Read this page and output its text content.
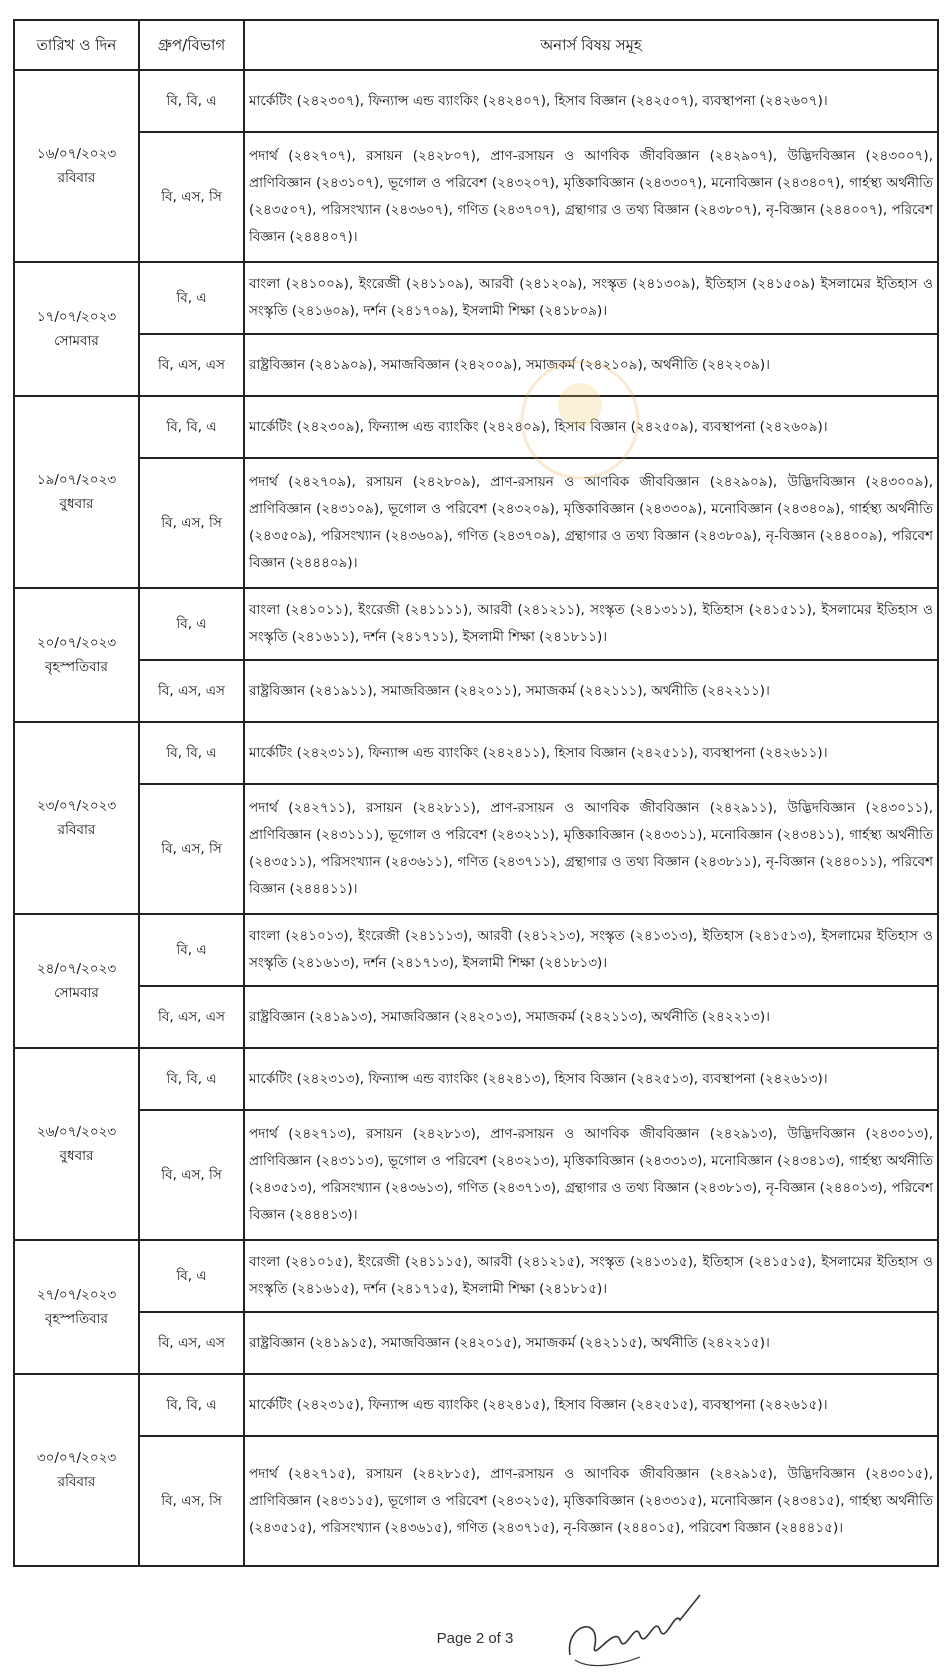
তারিখ ও দিন	গ্রুপ/বিভাগ	অনার্স বিষয় সমূহ

১৬/০৭/২০২৩
রবিবার	বি, বি, এ	মার্কেটিং (২৪২৩০৭), ফিন্যান্স এন্ড ব্যাংকিং (২৪২৪০৭), হিসাব বিজ্ঞান (২৪২৫০৭), ব্যবস্থাপনা (২৪২৬০৭)।
	বি, এস, সি	পদার্থ (২৪২৭০৭), রসায়ন (২৪২৮০৭), প্রাণ-রসায়ন ও আণবিক জীববিজ্ঞান (২৪২৯০৭), উদ্ভিদবিজ্ঞান (২৪৩০০৭), প্রাণিবিজ্ঞান (২৪৩১০৭), ভূগোল ও পরিবেশ (২৪৩২০৭), মৃত্তিকাবিজ্ঞান (২৪৩৩০৭), মনোবিজ্ঞান (২৪৩৪০৭), গার্হস্থ্য অর্থনীতি (২৪৩৫০৭), পরিসংখ্যান (২৪৩৬০৭), গণিত (২৪৩৭০৭), গ্রন্থাগার ও তথ্য বিজ্ঞান (২৪৩৮০৭), নৃ-বিজ্ঞান (২৪৪০০৭), পরিবেশ বিজ্ঞান (২৪৪৪০৭)।

১৭/০৭/২০২৩
সোমবার	বি, এ	বাংলা (২৪১০০৯), ইংরেজী (২৪১১০৯), আরবী (২৪১২০৯), সংস্কৃত (২৪১৩০৯), ইতিহাস (২৪১৫০৯) ইসলামের ইতিহাস ও সংস্কৃতি (২৪১৬০৯), দর্শন (২৪১৭০৯), ইসলামী শিক্ষা (২৪১৮০৯)।
	বি, এস, এস	রাষ্ট্রবিজ্ঞান (২৪১৯০৯), সমাজবিজ্ঞান (২৪২০০৯), সমাজকর্ম (২৪২১০৯), অর্থনীতি (২৪২২০৯)।

১৯/০৭/২০২৩
বুধবার	বি, বি, এ	মার্কেটিং (২৪২৩০৯), ফিন্যান্স এন্ড ব্যাংকিং (২৪২৪০৯), হিসাব বিজ্ঞান (২৪২৫০৯), ব্যবস্থাপনা (২৪২৬০৯)।
	বি, এস, সি	পদার্থ (২৪২৭০৯), রসায়ন (২৪২৮০৯), প্রাণ-রসায়ন ও আণবিক জীববিজ্ঞান (২৪২৯০৯), উদ্ভিদবিজ্ঞান (২৪৩০০৯), প্রাণিবিজ্ঞান (২৪৩১০৯), ভূগোল ও পরিবেশ (২৪৩২০৯), মৃত্তিকাবিজ্ঞান (২৪৩৩০৯), মনোবিজ্ঞান (২৪৩৪০৯), গার্হস্থ্য অর্থনীতি (২৪৩৫০৯), পরিসংখ্যান (২৪৩৬০৯), গণিত (২৪৩৭০৯), গ্রন্থাগার ও তথ্য বিজ্ঞান (২৪৩৮০৯), নৃ-বিজ্ঞান (২৪৪০০৯), পরিবেশ বিজ্ঞান (২৪৪৪০৯)।

২০/০৭/২০২৩
বৃহস্পতিবার	বি, এ	বাংলা (২৪১০১১), ইংরেজী (২৪১১১১), আরবী (২৪১২১১), সংস্কৃত (২৪১৩১১), ইতিহাস (২৪১৫১১), ইসলামের ইতিহাস ও সংস্কৃতি (২৪১৬১১), দর্শন (২৪১৭১১), ইসলামী শিক্ষা (২৪১৮১১)।
	বি, এস, এস	রাষ্ট্রবিজ্ঞান (২৪১৯১১), সমাজবিজ্ঞান (২৪২০১১), সমাজকর্ম (২৪২১১১), অর্থনীতি (২৪২২১১)।

২৩/০৭/২০২৩
রবিবার	বি, বি, এ	মার্কেটিং (২৪২৩১১), ফিন্যান্স এন্ড ব্যাংকিং (২৪২৪১১), হিসাব বিজ্ঞান (২৪২৫১১), ব্যবস্থাপনা (২৪২৬১১)।
	বি, এস, সি	পদার্থ (২৪২৭১১), রসায়ন (২৪২৮১১), প্রাণ-রসায়ন ও আণবিক জীববিজ্ঞান (২৪২৯১১), উদ্ভিদবিজ্ঞান (২৪৩০১১), প্রাণিবিজ্ঞান (২৪৩১১১), ভূগোল ও পরিবেশ (২৪৩২১১), মৃত্তিকাবিজ্ঞান (২৪৩৩১১), মনোবিজ্ঞান (২৪৩৪১১), গার্হস্থ্য অর্থনীতি (২৪৩৫১১), পরিসংখ্যান (২৪৩৬১১), গণিত (২৪৩৭১১), গ্রন্থাগার ও তথ্য বিজ্ঞান (২৪৩৮১১), নৃ-বিজ্ঞান (২৪৪০১১), পরিবেশ বিজ্ঞান (২৪৪৪১১)।

২৪/০৭/২০২৩
সোমবার	বি, এ	বাংলা (২৪১০১৩), ইংরেজী (২৪১১১৩), আরবী (২৪১২১৩), সংস্কৃত (২৪১৩১৩), ইতিহাস (২৪১৫১৩), ইসলামের ইতিহাস ও সংস্কৃতি (২৪১৬১৩), দর্শন (২৪১৭১৩), ইসলামী শিক্ষা (২৪১৮১৩)।
	বি, এস, এস	রাষ্ট্রবিজ্ঞান (২৪১৯১৩), সমাজবিজ্ঞান (২৪২০১৩), সমাজকর্ম (২৪২১১৩), অর্থনীতি (২৪২২১৩)।

২৬/০৭/২০২৩
বুধবার	বি, বি, এ	মার্কেটিং (২৪২৩১৩), ফিন্যান্স এন্ড ব্যাংকিং (২৪২৪১৩), হিসাব বিজ্ঞান (২৪২৫১৩), ব্যবস্থাপনা (২৪২৬১৩)।
	বি, এস, সি	পদার্থ (২৪২৭১৩), রসায়ন (২৪২৮১৩), প্রাণ-রসায়ন ও আণবিক জীববিজ্ঞান (২৪২৯১৩), উদ্ভিদবিজ্ঞান (২৪৩০১৩), প্রাণিবিজ্ঞান (২৪৩১১৩), ভূগোল ও পরিবেশ (২৪৩২১৩), মৃত্তিকাবিজ্ঞান (২৪৩৩১৩), মনোবিজ্ঞান (২৪৩৪১৩), গার্হস্থ্য অর্থনীতি (২৪৩৫১৩), পরিসংখ্যান (২৪৩৬১৩), গণিত (২৪৩৭১৩), গ্রন্থাগার ও তথ্য বিজ্ঞান (২৪৩৮১৩), নৃ-বিজ্ঞান (২৪৪০১৩), পরিবেশ বিজ্ঞান (২৪৪৪১৩)।

২৭/০৭/২০২৩
বৃহস্পতিবার	বি, এ	বাংলা (২৪১০১৫), ইংরেজী (২৪১১১৫), আরবী (২৪১২১৫), সংস্কৃত (২৪১৩১৫), ইতিহাস (২৪১৫১৫), ইসলামের ইতিহাস ও সংস্কৃতি (২৪১৬১৫), দর্শন (২৪১৭১৫), ইসলামী শিক্ষা (২৪১৮১৫)।
	বি, এস, এস	রাষ্ট্রবিজ্ঞান (২৪১৯১৫), সমাজবিজ্ঞান (২৪২০১৫), সমাজকর্ম (২৪২১১৫), অর্থনীতি (২৪২২১৫)।

৩০/০৭/২০২৩
রবিবার	বি, বি, এ	মার্কেটিং (২৪২৩১৫), ফিন্যান্স এন্ড ব্যাংকিং (২৪২৪১৫), হিসাব বিজ্ঞান (২৪২৫১৫), ব্যবস্থাপনা (২৪২৬১৫)।
	বি, এস, সি	পদার্থ (২৪২৭১৫), রসায়ন (২৪২৮১৫), প্রাণ-রসায়ন ও আণবিক জীববিজ্ঞান (২৪২৯১৫), উদ্ভিদবিজ্ঞান (২৪৩০১৫), প্রাণিবিজ্ঞান (২৪৩১১৫), ভূগোল ও পরিবেশ (২৪৩২১৫), মৃত্তিকাবিজ্ঞান (২৪৩৩১৫), মনোবিজ্ঞান (২৪৩৪১৫), গার্হস্থ্য অর্থনীতি (২৪৩৫১৫), পরিসংখ্যান (২৪৩৬১৫), গণিত (২৪৩৭১৫), নৃ-বিজ্ঞান (২৪৪০১৫), পরিবেশ বিজ্ঞান (২৪৪৪১৫)।
Page 2 of 3
